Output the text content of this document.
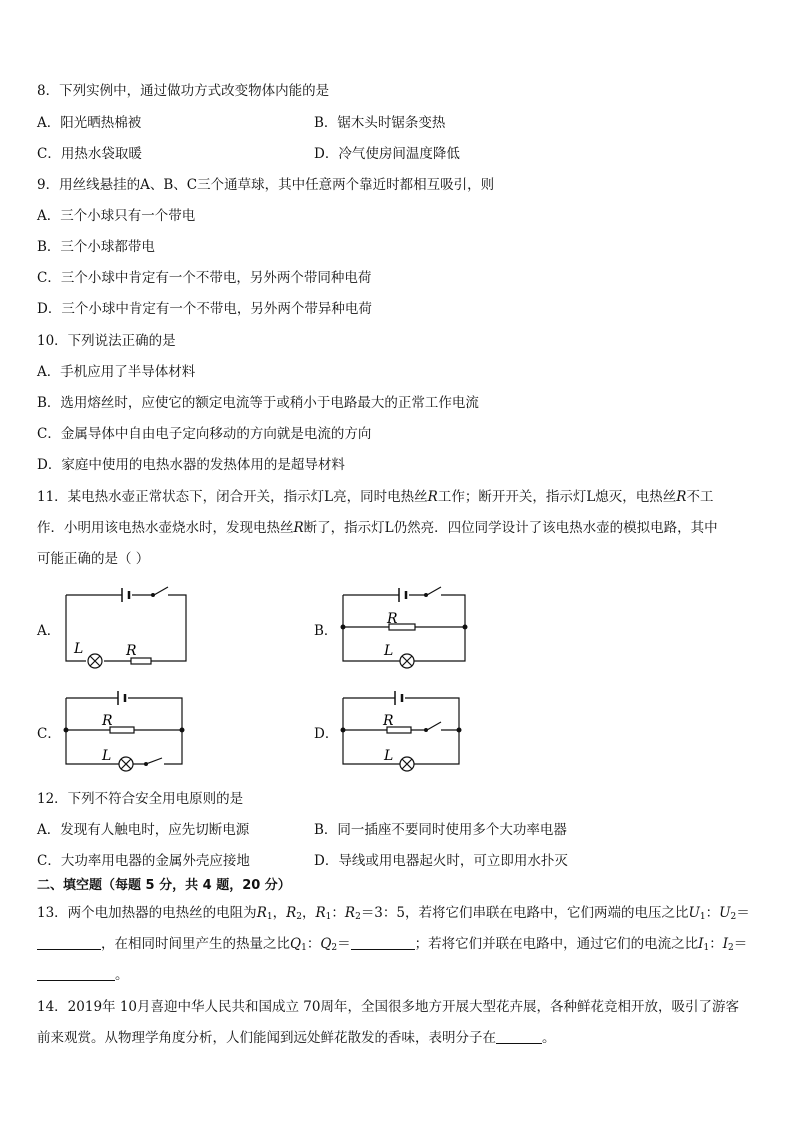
8．下列实例中，通过做功方式改变物体内能的是
A．阳光晒热棉被	B．锯木头时锯条变热
C．用热水袋取暖	D．冷气使房间温度降低
9．用丝线悬挂的A、B、C三个通草球，其中任意两个靠近时都相互吸引，则
A．三个小球只有一个带电
B．三个小球都带电
C．三个小球中肯定有一个不带电，另外两个带同种电荷
D．三个小球中肯定有一个不带电，另外两个带异种电荷
10．下列说法正确的是
A．手机应用了半导体材料
B．选用熔丝时，应使它的额定电流等于或稍小于电路最大的正常工作电流
C．金属导体中自由电子定向移动的方向就是电流的方向
D．家庭中使用的电热水器的发热体用的是超导材料
11．某电热水壶正常状态下，闭合开关，指示灯L亮，同时电热丝R工作；断开开关，指示灯L熄灭，电热丝R不工
作．小明用该电热水壶烧水时，发现电热丝R断了，指示灯L仍然亮．四位同学设计了该电热水壶的模拟电路，其中
可能正确的是（ ）
A．
L	R
B．
R
L
C．
R
L
D．
R
L
12．下列不符合安全用电原则的是
A．发现有人触电时，应先切断电源	B．同一插座不要同时使用多个大功率电器
C．大功率用电器的金属外壳应接地	D．导线或用电器起火时，可立即用水扑灭
二、填空题（每题 5 分，共 4 题，20 分）
13．两个电加热器的电热丝的电阻为$R_1$，$R_2$，$R_1$：$R_2=3$：5，若将它们串联在电路中，它们两端的电压之比$U_1$：$U_2=$
，在相同时间里产生的热量之比$Q_1$：$Q_2=$	；若将它们并联在电路中，通过它们的电流之比$I_1$：$I_2=$
。
14．2019年 10月喜迎中华人民共和国成立 70周年，全国很多地方开展大型花卉展，各种鲜花竞相开放，吸引了游客
前来观赏。从物理学角度分析，人们能闻到远处鲜花散发的香味，表明分子在	。
